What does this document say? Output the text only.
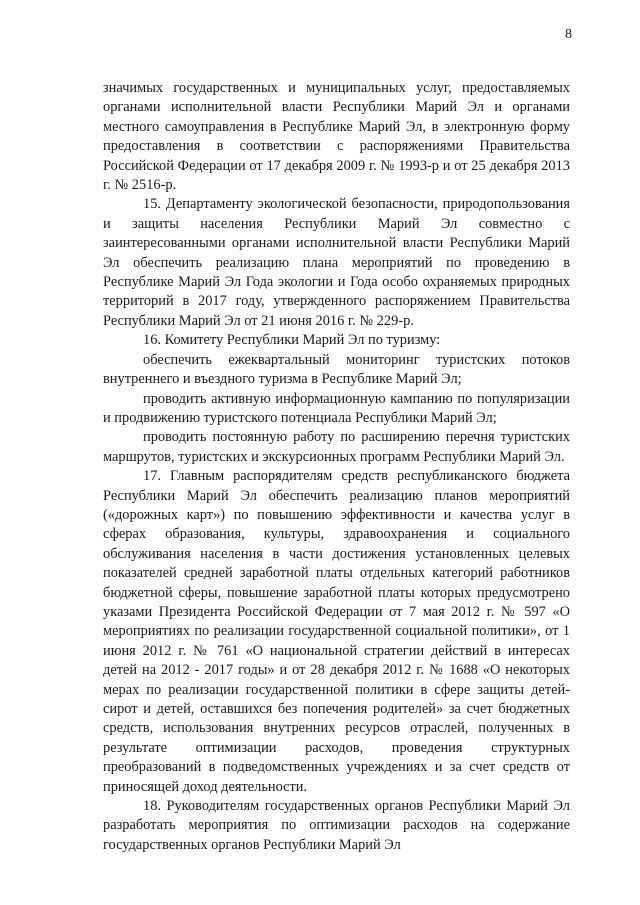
8

значимых государственных и муниципальных услуг, предоставляемых органами исполнительной власти Республики Марий Эл и органами местного самоуправления в Республике Марий Эл, в электронную форму предоставления в соответствии с распоряжениями Правительства Российской Федерации от 17 декабря 2009 г. № 1993-р и от 25 декабря 2013 г. № 2516-р.

15. Департаменту экологической безопасности, природопользования и защиты населения Республики Марий Эл совместно с заинтересованными органами исполнительной власти Республики Марий Эл обеспечить реализацию плана мероприятий по проведению в Республике Марий Эл Года экологии и Года особо охраняемых природных территорий в 2017 году, утвержденного распоряжением Правительства Республики Марий Эл от 21 июня 2016 г. № 229-р.

16. Комитету Республики Марий Эл по туризму:

обеспечить ежеквартальный мониторинг туристских потоков внутреннего и въездного туризма в Республике Марий Эл;

проводить активную информационную кампанию по популяризации и продвижению туристского потенциала Республики Марий Эл;

проводить постоянную работу по расширению перечня туристских маршрутов, туристских и экскурсионных программ Республики Марий Эл.

17. Главным распорядителям средств республиканского бюджета Республики Марий Эл обеспечить реализацию планов мероприятий («дорожных карт») по повышению эффективности и качества услуг в сферах образования, культуры, здравоохранения и социального обслуживания населения в части достижения установленных целевых показателей средней заработной платы отдельных категорий работников бюджетной сферы, повышение заработной платы которых предусмотрено указами Президента Российской Федерации от 7 мая 2012 г. № 597 «О мероприятиях по реализации государственной социальной политики», от 1 июня 2012 г. № 761 «О национальной стратегии действий в интересах детей на 2012 - 2017 годы» и от 28 декабря 2012 г. № 1688 «О некоторых мерах по реализации государственной политики в сфере защиты детей-сирот и детей, оставшихся без попечения родителей» за счет бюджетных средств, использования внутренних ресурсов отраслей, полученных в результате оптимизации расходов, проведения структурных преобразований в подведомственных учреждениях и за счет средств от приносящей доход деятельности.

18. Руководителям государственных органов Республики Марий Эл разработать мероприятия по оптимизации расходов на содержание государственных органов Республики Марий Эл
